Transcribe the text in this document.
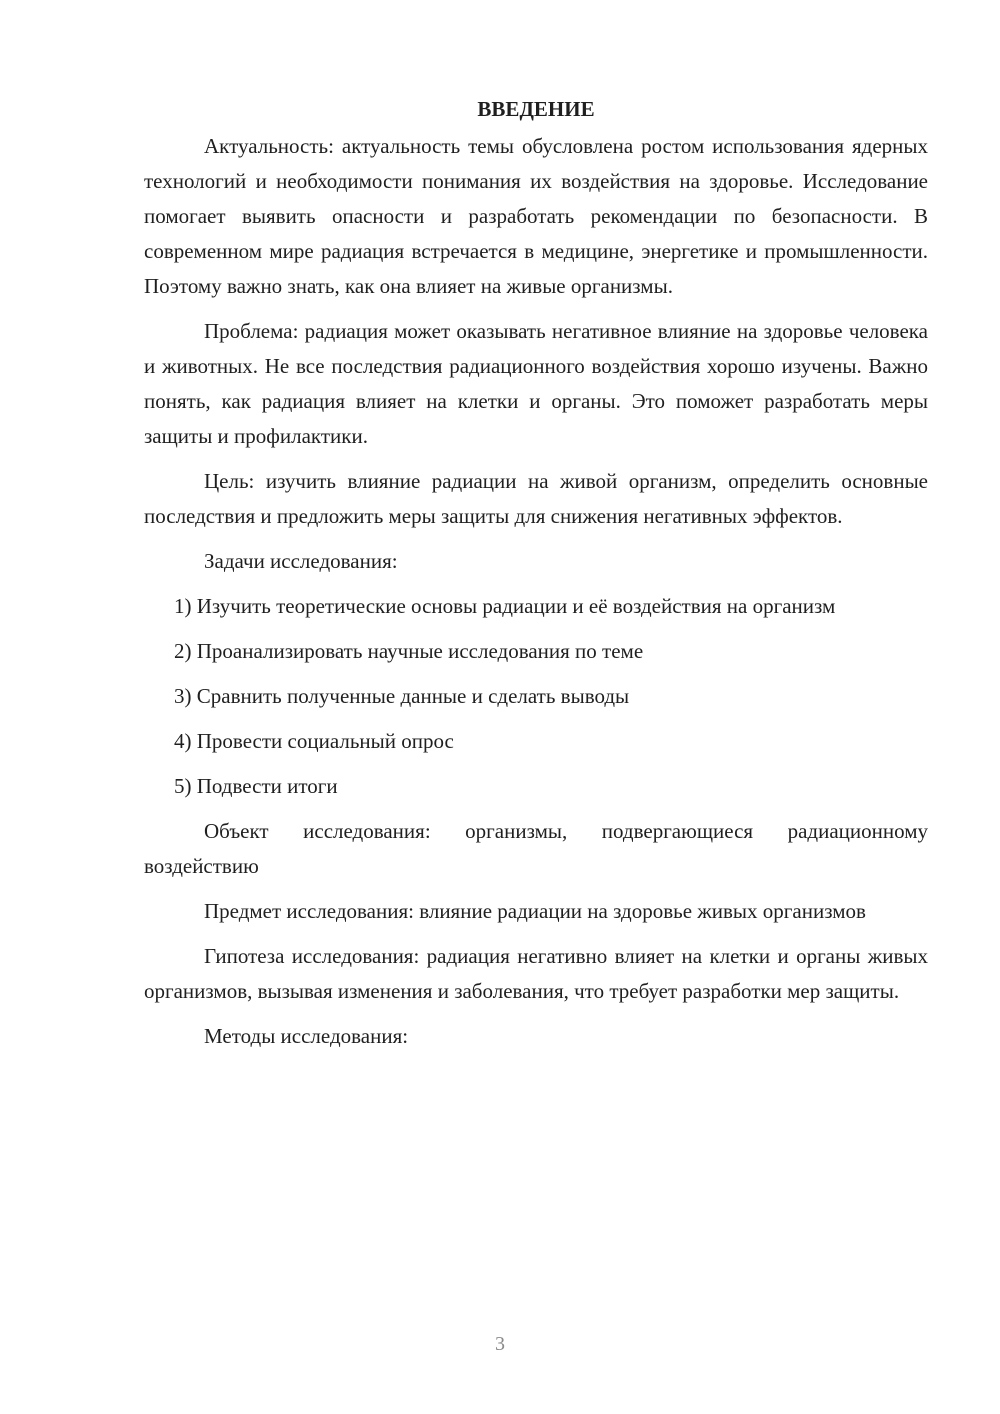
ВВЕДЕНИЕ

Актуальность: актуальность темы обусловлена ростом использования ядерных технологий и необходимости понимания их воздействия на здоровье. Исследование помогает выявить опасности и разработать рекомендации по безопасности. В современном мире радиация встречается в медицине, энергетике и промышленности. Поэтому важно знать, как она влияет на живые организмы.

Проблема: радиация может оказывать негативное влияние на здоровье человека и животных. Не все последствия радиационного воздействия хорошо изучены. Важно понять, как радиация влияет на клетки и органы. Это поможет разработать меры защиты и профилактики.

Цель: изучить влияние радиации на живой организм, определить основные последствия и предложить меры защиты для снижения негативных эффектов.

Задачи исследования:

1) Изучить теоретические основы радиации и её воздействия на организм

2) Проанализировать научные исследования по теме

3) Сравнить полученные данные и сделать выводы

4) Провести социальный опрос

5) Подвести итоги

Объект исследования: организмы, подвергающиеся радиационному воздействию

Предмет исследования: влияние радиации на здоровье живых организмов

Гипотеза исследования: радиация негативно влияет на клетки и органы живых организмов, вызывая изменения и заболевания, что требует разработки мер защиты.

Методы исследования:

3
